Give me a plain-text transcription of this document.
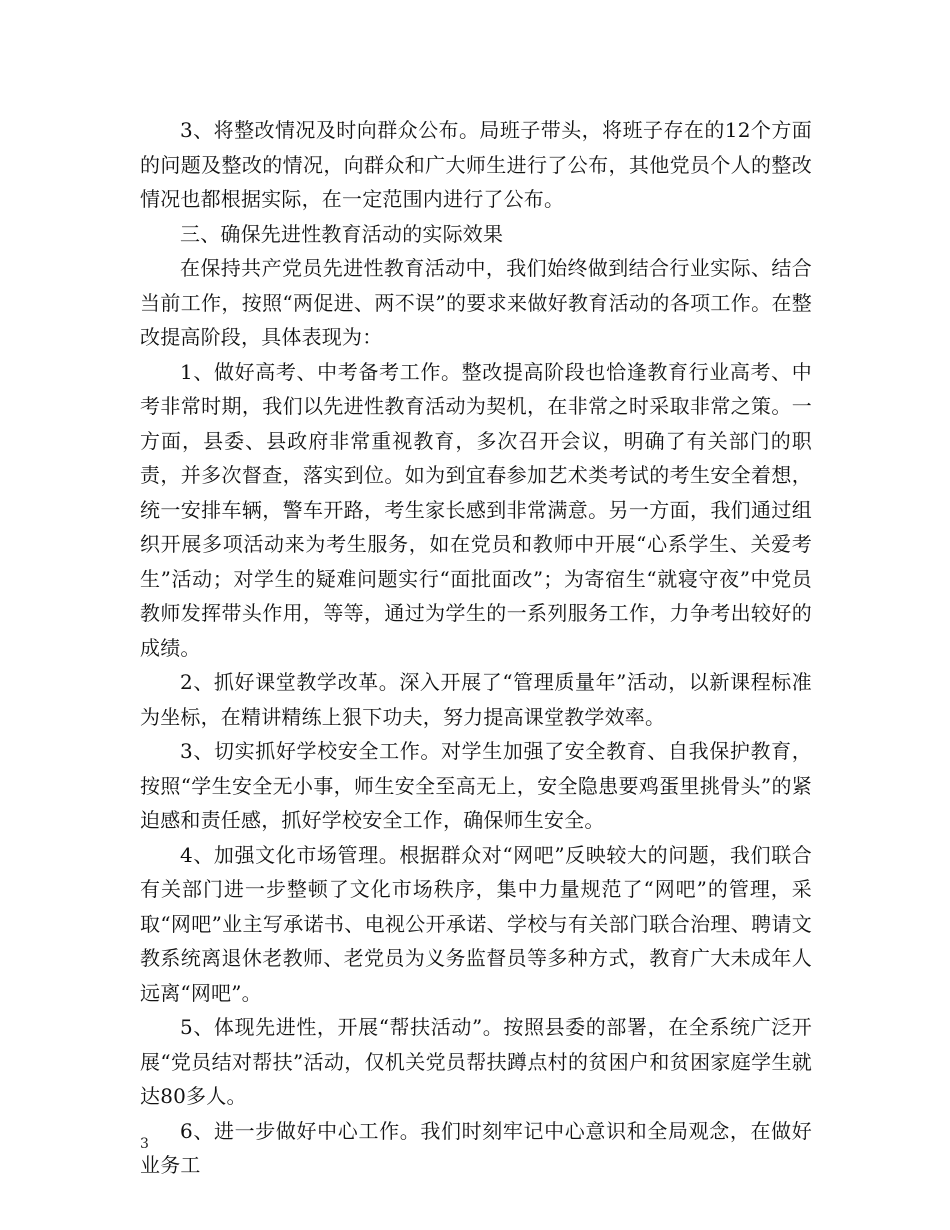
3、将整改情况及时向群众公布。局班子带头，将班子存在的12个方面的问题及整改的情况，向群众和广大师生进行了公布，其他党员个人的整改情况也都根据实际，在一定范围内进行了公布。

三、确保先进性教育活动的实际效果

在保持共产党员先进性教育活动中，我们始终做到结合行业实际、结合当前工作，按照“两促进、两不误”的要求来做好教育活动的各项工作。在整改提高阶段，具体表现为：

1、做好高考、中考备考工作。整改提高阶段也恰逢教育行业高考、中考非常时期，我们以先进性教育活动为契机，在非常之时采取非常之策。一方面，县委、县政府非常重视教育，多次召开会议，明确了有关部门的职责，并多次督查，落实到位。如为到宜春参加艺术类考试的考生安全着想，统一安排车辆，警车开路，考生家长感到非常满意。另一方面，我们通过组织开展多项活动来为考生服务，如在党员和教师中开展“心系学生、关爱考生”活动；对学生的疑难问题实行“面批面改”；为寄宿生“就寝守夜”中党员教师发挥带头作用，等等，通过为学生的一系列服务工作，力争考出较好的成绩。

2、抓好课堂教学改革。深入开展了“管理质量年”活动，以新课程标准为坐标，在精讲精练上狠下功夫，努力提高课堂教学效率。

3、切实抓好学校安全工作。对学生加强了安全教育、自我保护教育，按照“学生安全无小事，师生安全至高无上，安全隐患要鸡蛋里挑骨头”的紧迫感和责任感，抓好学校安全工作，确保师生安全。

4、加强文化市场管理。根据群众对“网吧”反映较大的问题，我们联合有关部门进一步整顿了文化市场秩序，集中力量规范了“网吧”的管理，采取“网吧”业主写承诺书、电视公开承诺、学校与有关部门联合治理、聘请文教系统离退休老教师、老党员为义务监督员等多种方式，教育广大未成年人远离“网吧”。

5、体现先进性，开展“帮扶活动”。按照县委的部署，在全系统广泛开展“党员结对帮扶”活动，仅机关党员帮扶蹲点村的贫困户和贫困家庭学生就达80多人。

6、进一步做好中心工作。我们时刻牢记中心意识和全局观念，在做好业务工

3
